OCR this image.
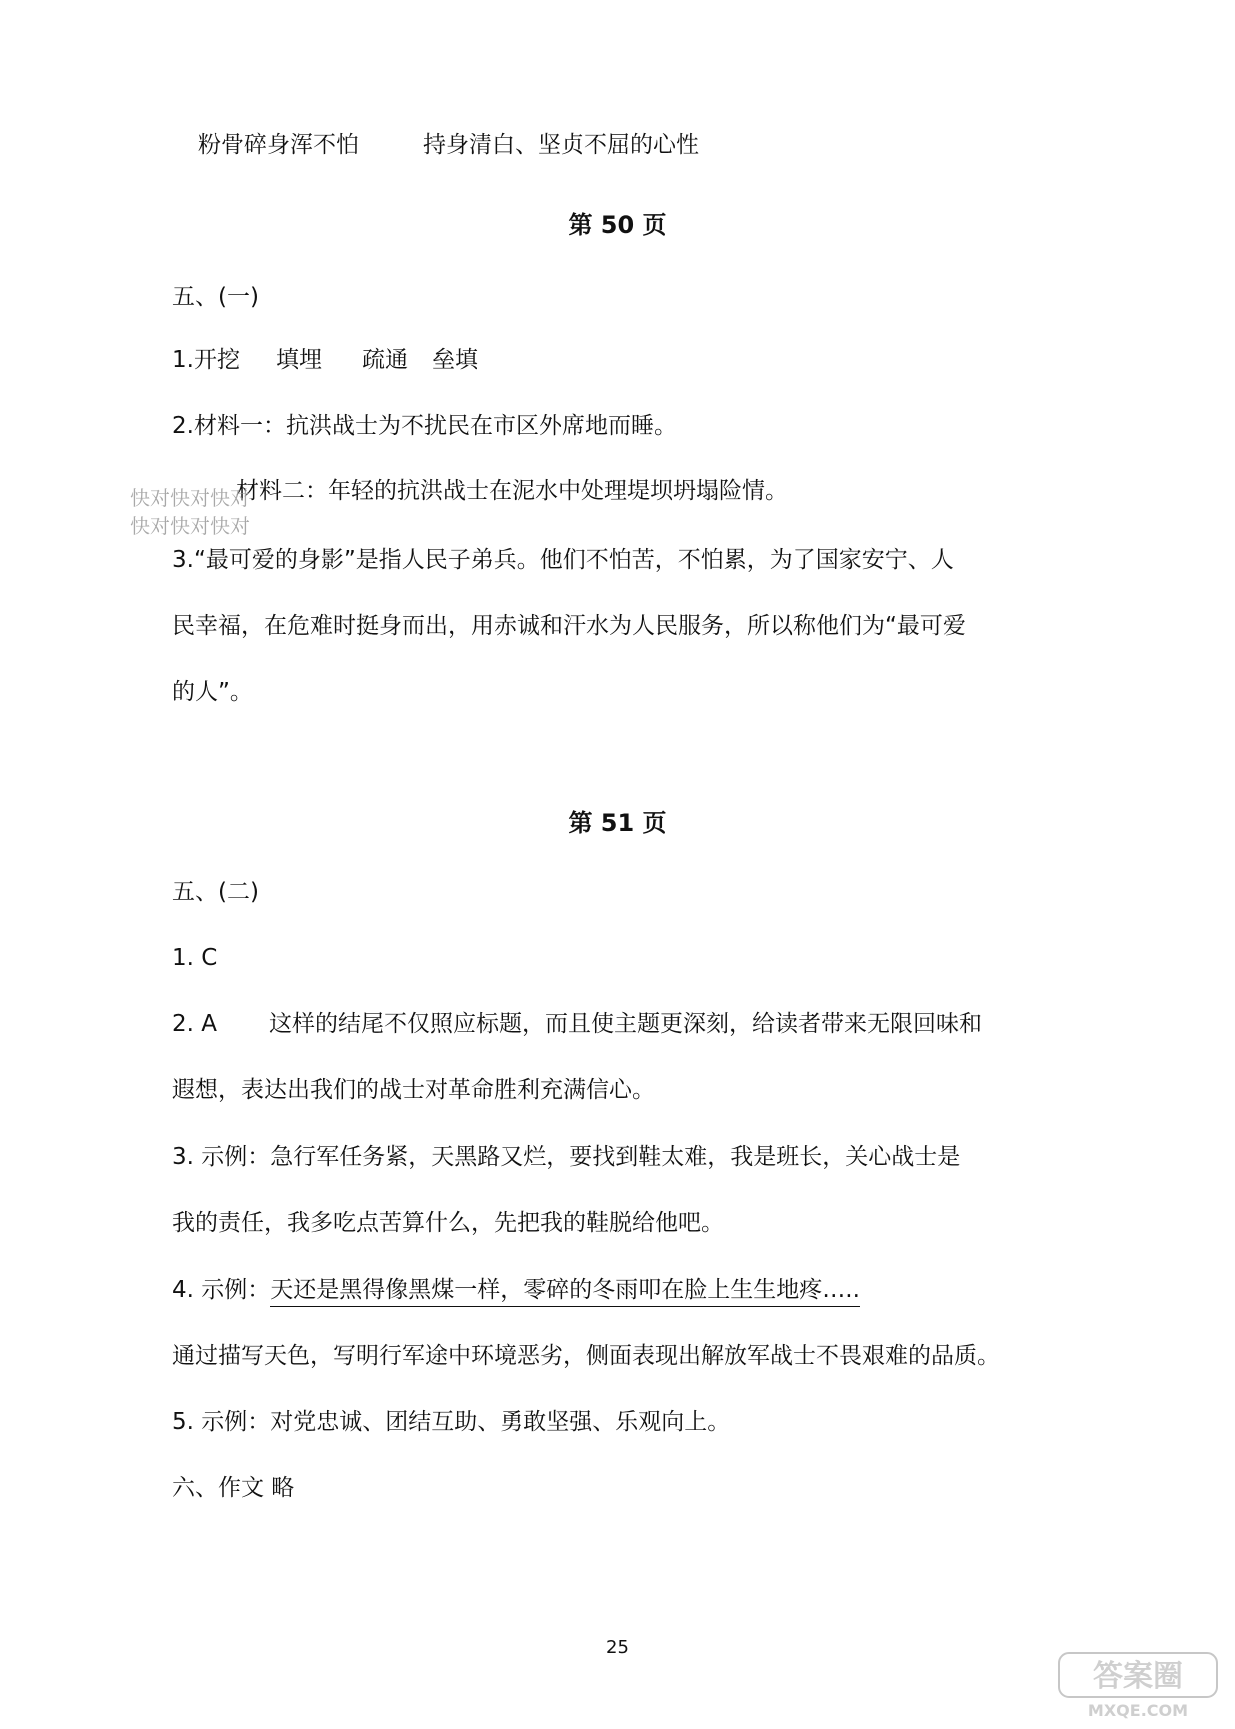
粉骨碎身浑不怕	持身清白、坚贞不屈的心性
第 50 页
五、(一)
1.开挖 填埋 疏通 垒填
2.材料一：抗洪战士为不扰民在市区外席地而睡。
材料二：年轻的抗洪战士在泥水中处理堤坝坍塌险情。
3.“最可爱的身影”是指人民子弟兵。他们不怕苦，不怕累，为了国家安宁、人
民幸福，在危难时挺身而出，用赤诚和汗水为人民服务，所以称他们为“最可爱
的人”。
快对快对快对
快对快对快对
第 51 页
五、(二)
1. C
2. A 这样的结尾不仅照应标题，而且使主题更深刻，给读者带来无限回味和
遐想，表达出我们的战士对革命胜利充满信心。
3. 示例：急行军任务紧，天黑路又烂，要找到鞋太难，我是班长，关心战士是
我的责任，我多吃点苦算什么，先把我的鞋脱给他吧。
4. 示例：天还是黑得像黑煤一样，零碎的冬雨叩在脸上生生地疼…..
通过描写天色，写明行军途中环境恶劣，侧面表现出解放军战士不畏艰难的品质。
5. 示例：对党忠诚、团结互助、勇敢坚强、乐观向上。
六、作文 略
25
答案圈
MXQE.COM
